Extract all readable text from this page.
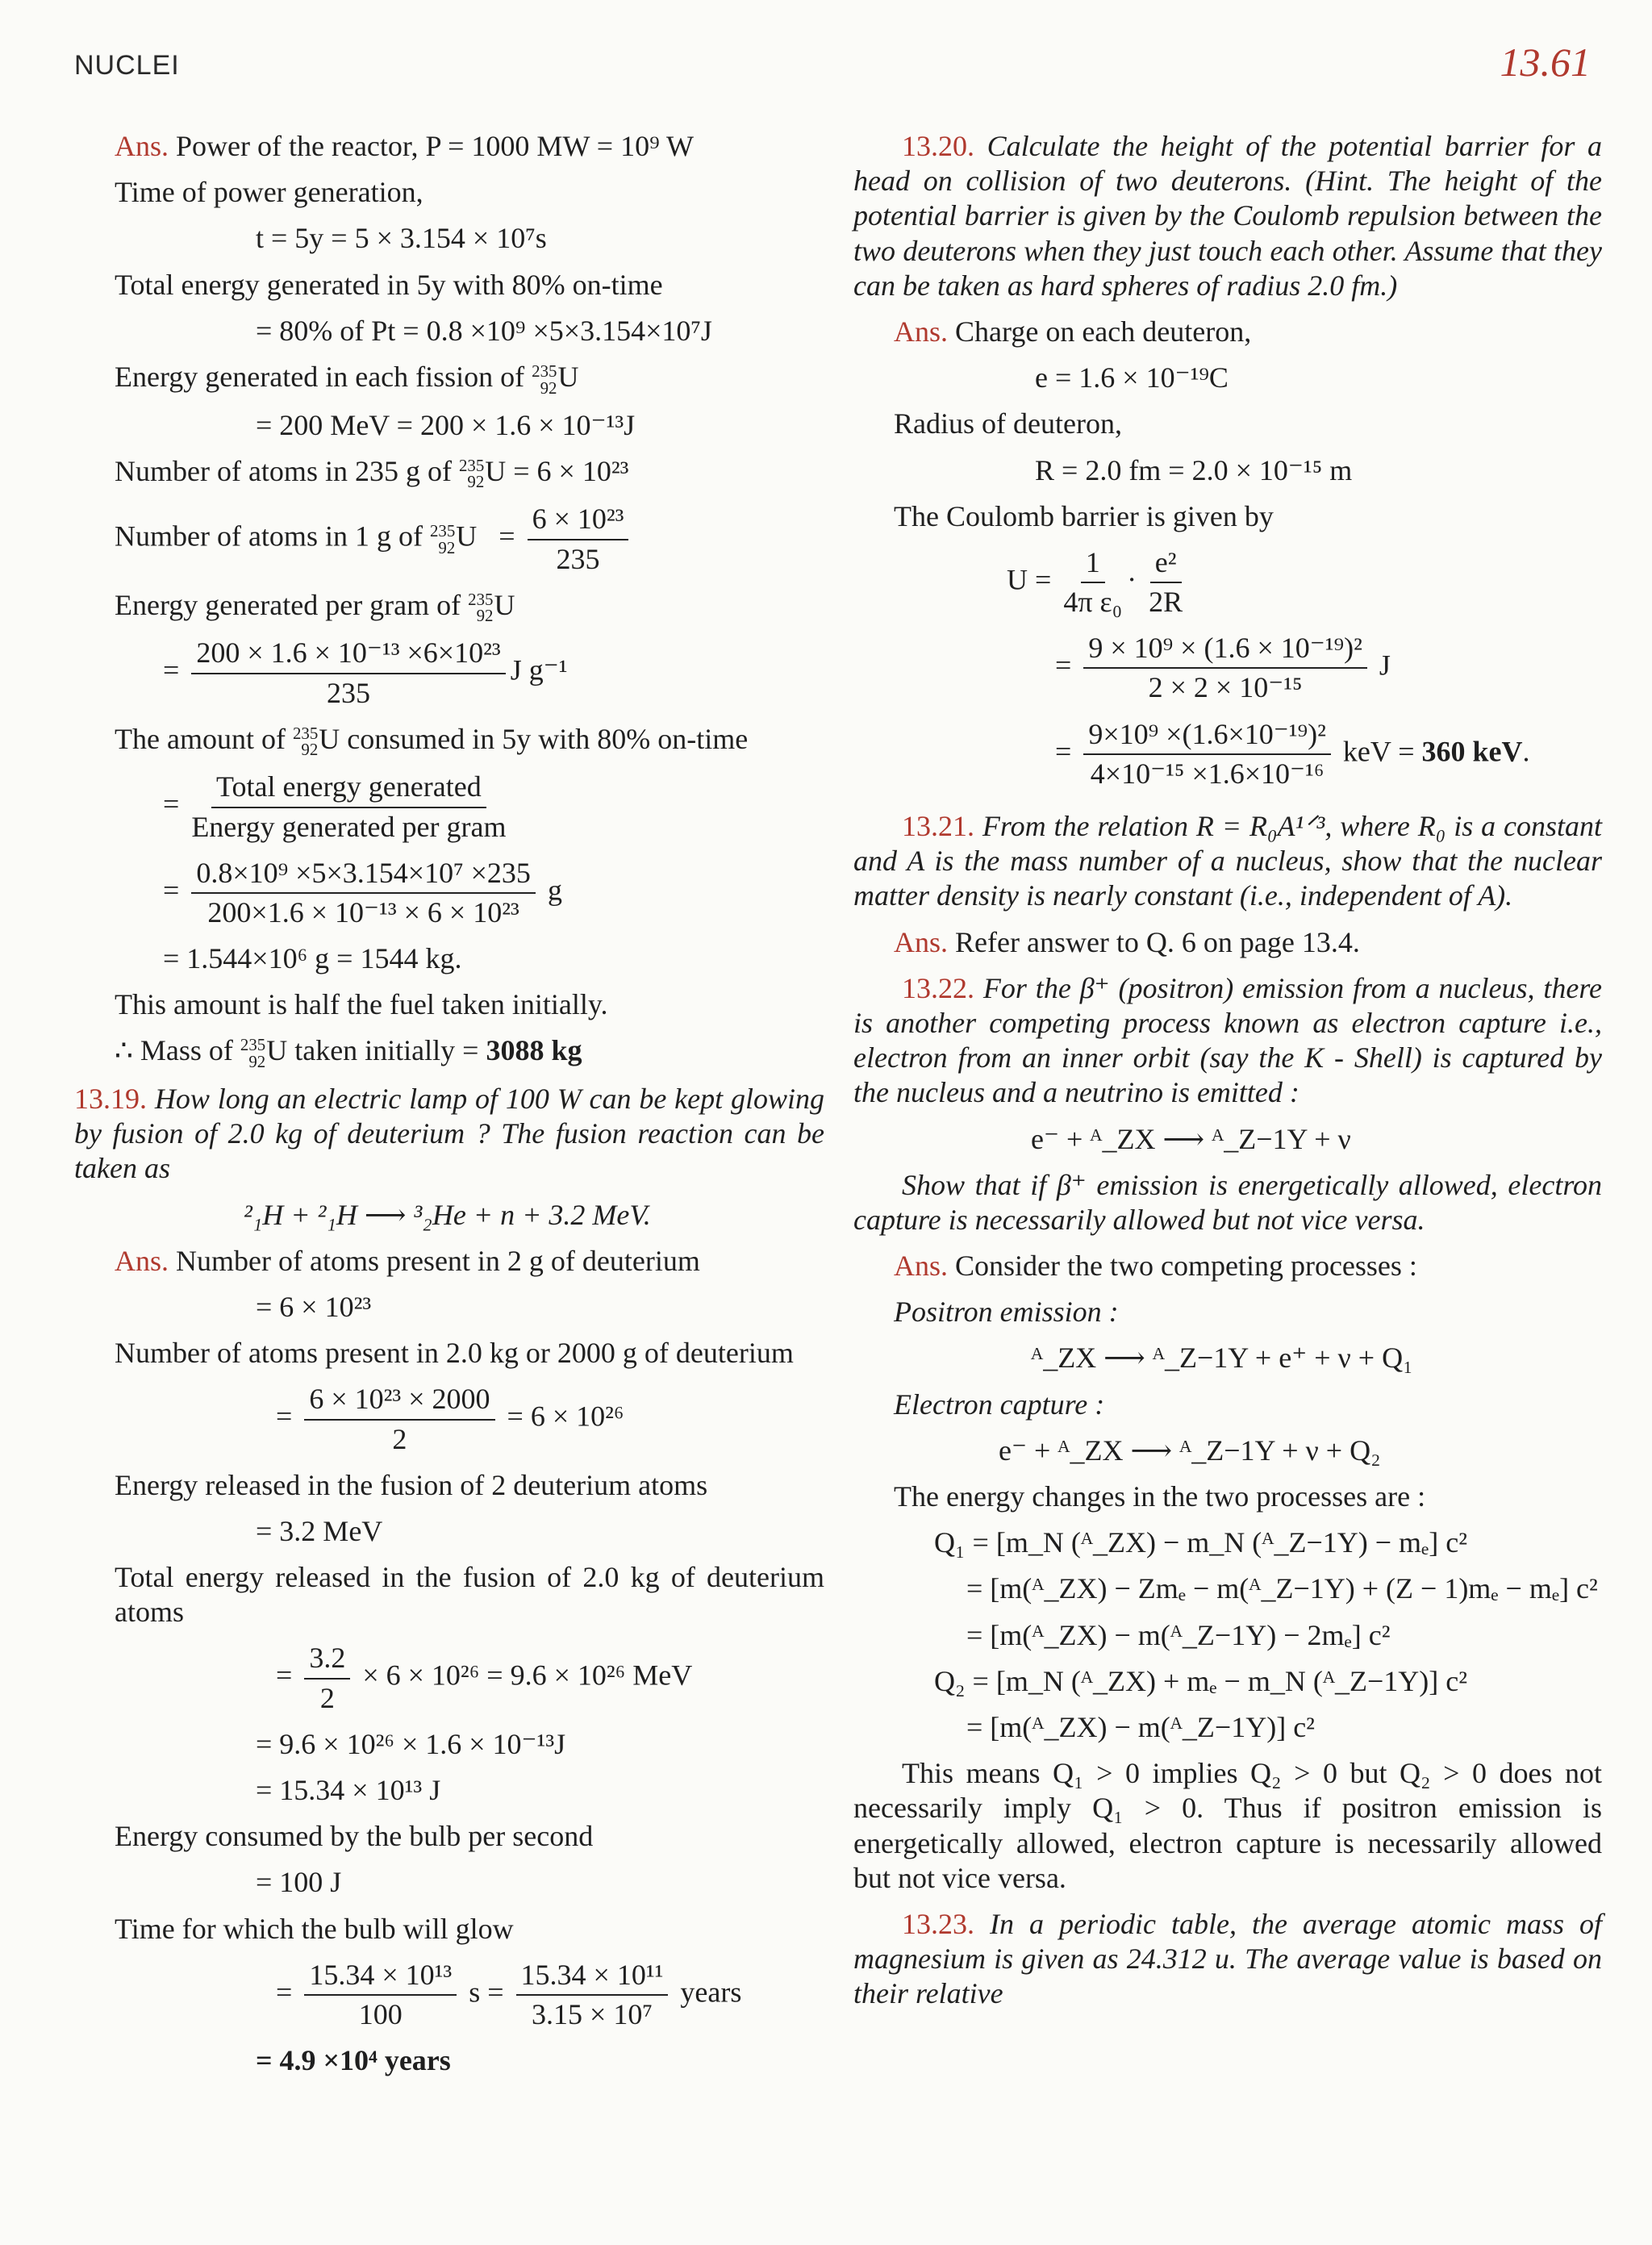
NUCLEI	13.61

Ans. Power of the reactor, P = 1000 MW = 10⁹ W

Time of power generation,

t = 5y = 5 × 3.154 × 10⁷s

Total energy generated in 5y with 80% on-time

= 80% of Pt = 0.8 ×10⁹ ×5×3.154×10⁷J

Energy generated in each fission of 235
92 U

= 200 MeV = 200 × 1.6 × 10⁻¹³J

Number of atoms in 235 g of 235
92 U = 6 × 10²³

Number of atoms in 1 g of 235
92 $U = \frac{\text{6 × 10²³}}{235}$

Energy generated per gram of 235
92 U

= $\frac{\text{200 × 1.6 × 10⁻¹³ ×6×10²³}}{235}$ J g⁻¹

The amount of 235
92 U consumed in 5y with 80% on-time

= $\frac{\text{Total energy generated}}{\text{Energy generated per gram}}$

= $\frac{\text{0.8×10⁹ ×5×3.154×10⁷ ×235}}{\text{200×1.6 × 10⁻¹³ × 6 × 10²³}}$ g

= 1.544×10⁶ g = 1544 kg.

This amount is half the fuel taken initially.

∴ Mass of 235
92 U taken initially = 3088 kg

13.19. How long an electric lamp of 100 W can be kept glowing by fusion of 2.0 kg of deuterium ? The fusion reaction can be taken as

²₁H + ²₁H ⟶ ³₂He + n + 3.2 MeV.

Ans. Number of atoms present in 2 g of deuterium

= 6 × 10²³

Number of atoms present in 2.0 kg or 2000 g of deuterium

= $\frac{\text{6 × 10²³ × 2000}}{2} = 6 \times 10^{26}$

Energy released in the fusion of 2 deuterium atoms

= 3.2 MeV

Total energy released in the fusion of 2.0 kg of deuterium atoms

= $\frac{3.2}{2} \times 6 \times 10^{26} = 9.6 \times 10^{26}$ MeV

= 9.6 × 10²⁶ × 1.6 × 10⁻¹³J

= 15.34 × 10¹³ J

Energy consumed by the bulb per second

= 100 J

Time for which the bulb will glow

= $\frac{\text{15.34 × 10¹³}}{100}$ $s = \frac{\text{15.34 × 10¹¹}}{\text{3.15 × 10⁷}}$ years

= 4.9 ×10⁴ years

13.20. Calculate the height of the potential barrier for a head on collision of two deuterons. (Hint. The height of the potential barrier is given by the Coulomb repulsion between the two deuterons when they just touch each other. Assume that they can be taken as hard spheres of radius 2.0 fm.)

Ans. Charge on each deuteron,

e = 1.6 × 10⁻¹⁹C

Radius of deuteron,

R = 2.0 fm = 2.0 × 10⁻¹⁵ m

The Coulomb barrier is given by

$U = \frac{1}{\text{4π ε₀}} \cdot \frac{\text{e²}}{2R}$

= $\frac{\text{9 × 10⁹ × (1.6 × 10⁻¹⁹)²}}{\text{2 × 2 × 10⁻¹⁵}}$ J

= $\frac{\text{9×10⁹ ×(1.6×10⁻¹⁹)²}}{\text{4×10⁻¹⁵ ×1.6×10⁻¹⁶}}$ keV = 360 keV.

13.21. From the relation R = R₀A¹ᐟ³, where R₀ is a constant and A is the mass number of a nucleus, show that the nuclear matter density is nearly constant (i.e., independent of A).

Ans. Refer answer to Q. 6 on page 13.4.

13.22. For the β⁺ (positron) emission from a nucleus, there is another competing process known as electron capture i.e., electron from an inner orbit (say the K - Shell) is captured by the nucleus and a neutrino is emitted :

e⁻ + ᴬ_ZX ⟶ ᴬ_Z−1Y + ν

Show that if β⁺ emission is energetically allowed, electron capture is necessarily allowed but not vice versa.

Ans. Consider the two competing processes :

Positron emission :

ᴬ_ZX ⟶ ᴬ_Z−1Y + e⁺ + ν + Q₁

Electron capture :

e⁻ + ᴬ_ZX ⟶ ᴬ_Z−1Y + ν + Q₂

The energy changes in the two processes are :

Q₁ = [m_N (ᴬ_ZX) − m_N (ᴬ_Z−1Y) − mₑ] c²

= [m(ᴬ_ZX) − Zmₑ − m(ᴬ_Z−1Y) + (Z − 1)mₑ − mₑ] c²

= [m(ᴬ_ZX) − m(ᴬ_Z−1Y) − 2mₑ] c²

Q₂ = [m_N (ᴬ_ZX) + mₑ − m_N (ᴬ_Z−1Y)] c²

= [m(ᴬ_ZX) − m(ᴬ_Z−1Y)] c²

This means Q₁ > 0 implies Q₂ > 0 but Q₂ > 0 does not necessarily imply Q₁ > 0. Thus if positron emission is energetically allowed, electron capture is necessarily allowed but not vice versa.

13.23. In a periodic table, the average atomic mass of magnesium is given as 24.312 u. The average value is based on their relative
